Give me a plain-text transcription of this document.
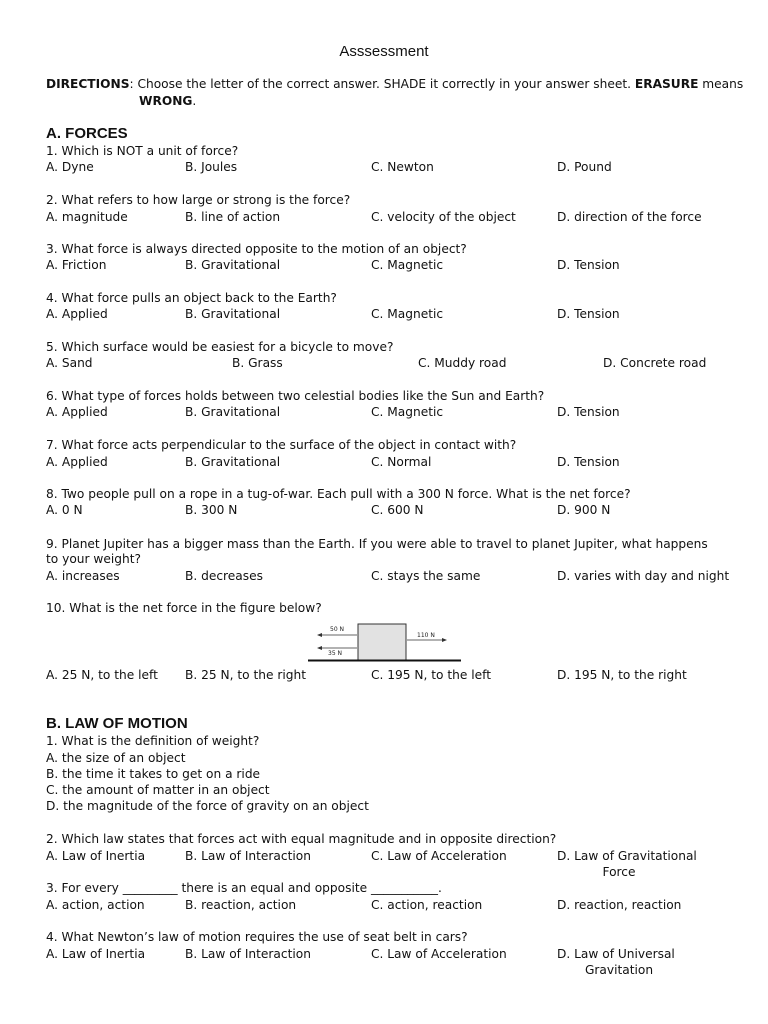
Asssessment
DIRECTIONS: Choose the letter of the correct answer. SHADE it correctly in your answer sheet. ERASURE means
WRONG.
A. FORCES
1. Which is NOT a unit of force?
A. Dyne	B. Joules	C. Newton	D. Pound
2. What refers to how large or strong is the force?
A. magnitude	B. line of action	C. velocity of the object	D. direction of the force
3. What force is always directed opposite to the motion of an object?
A. Friction	B. Gravitational	C. Magnetic	D. Tension
4. What force pulls an object back to the Earth?
A. Applied	B. Gravitational	C. Magnetic	D. Tension
5. Which surface would be easiest for a bicycle to move?
A. Sand	B. Grass	C. Muddy road	D. Concrete road
6. What type of forces holds between two celestial bodies like the Sun and Earth?
A. Applied	B. Gravitational	C. Magnetic	D. Tension
7. What force acts perpendicular to the surface of the object in contact with?
A. Applied	B. Gravitational	C. Normal	D. Tension
8. Two people pull on a rope in a tug-of-war. Each pull with a 300 N force. What is the net force?
A. 0 N	B. 300 N	C. 600 N	D. 900 N
9. Planet Jupiter has a bigger mass than the Earth. If you were able to travel to planet Jupiter, what happens to your weight?
A. increases	B. decreases	C. stays the same	D. varies with day and night
10. What is the net force in the figure below?
50 N
35 N
110 N
A. 25 N, to the left B. 25 N, to the right	C. 195 N, to the left	D. 195 N, to the right
B. LAW OF MOTION
1. What is the definition of weight?
A. the size of an object
B. the time it takes to get on a ride
C. the amount of matter in an object
D. the magnitude of the force of gravity on an object
2. Which law states that forces act with equal magnitude and in opposite direction?
A. Law of Inertia	B. Law of Interaction	C. Law of Acceleration	D. Law of Gravitational
Force
3. For every _________ there is an equal and opposite ___________.
A. action, action	B. reaction, action	C. action, reaction	D. reaction, reaction
4. What Newton’s law of motion requires the use of seat belt in cars?
A. Law of Inertia	B. Law of Interaction	C. Law of Acceleration	D. Law of Universal
Gravitation
